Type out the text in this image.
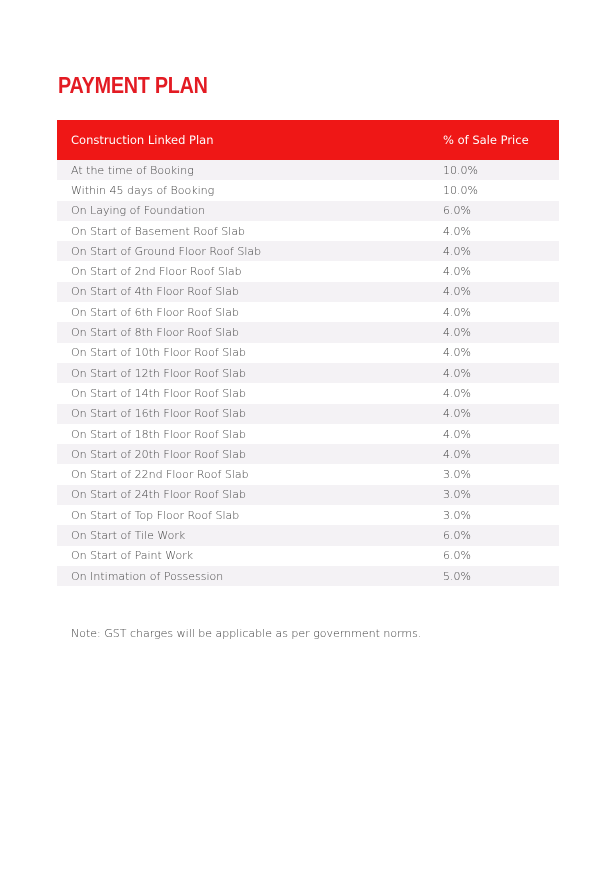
PAYMENT PLAN
Construction Linked Plan	% of Sale Price
At the time of Booking	10.0%
Within 45 days of Booking	10.0%
On Laying of Foundation	6.0%
On Start of Basement Roof Slab	4.0%
On Start of Ground Floor Roof Slab	4.0%
On Start of 2nd Floor Roof Slab	4.0%
On Start of 4th Floor Roof Slab	4.0%
On Start of 6th Floor Roof Slab	4.0%
On Start of 8th Floor Roof Slab	4.0%
On Start of 10th Floor Roof Slab	4.0%
On Start of 12th Floor Roof Slab	4.0%
On Start of 14th Floor Roof Slab	4.0%
On Start of 16th Floor Roof Slab	4.0%
On Start of 18th Floor Roof Slab	4.0%
On Start of 20th Floor Roof Slab	4.0%
On Start of 22nd Floor Roof Slab	3.0%
On Start of 24th Floor Roof Slab	3.0%
On Start of Top Floor Roof Slab	3.0%
On Start of Tile Work	6.0%
On Start of Paint Work	6.0%
On Intimation of Possession	5.0%

Note: GST charges will be applicable as per government norms.
